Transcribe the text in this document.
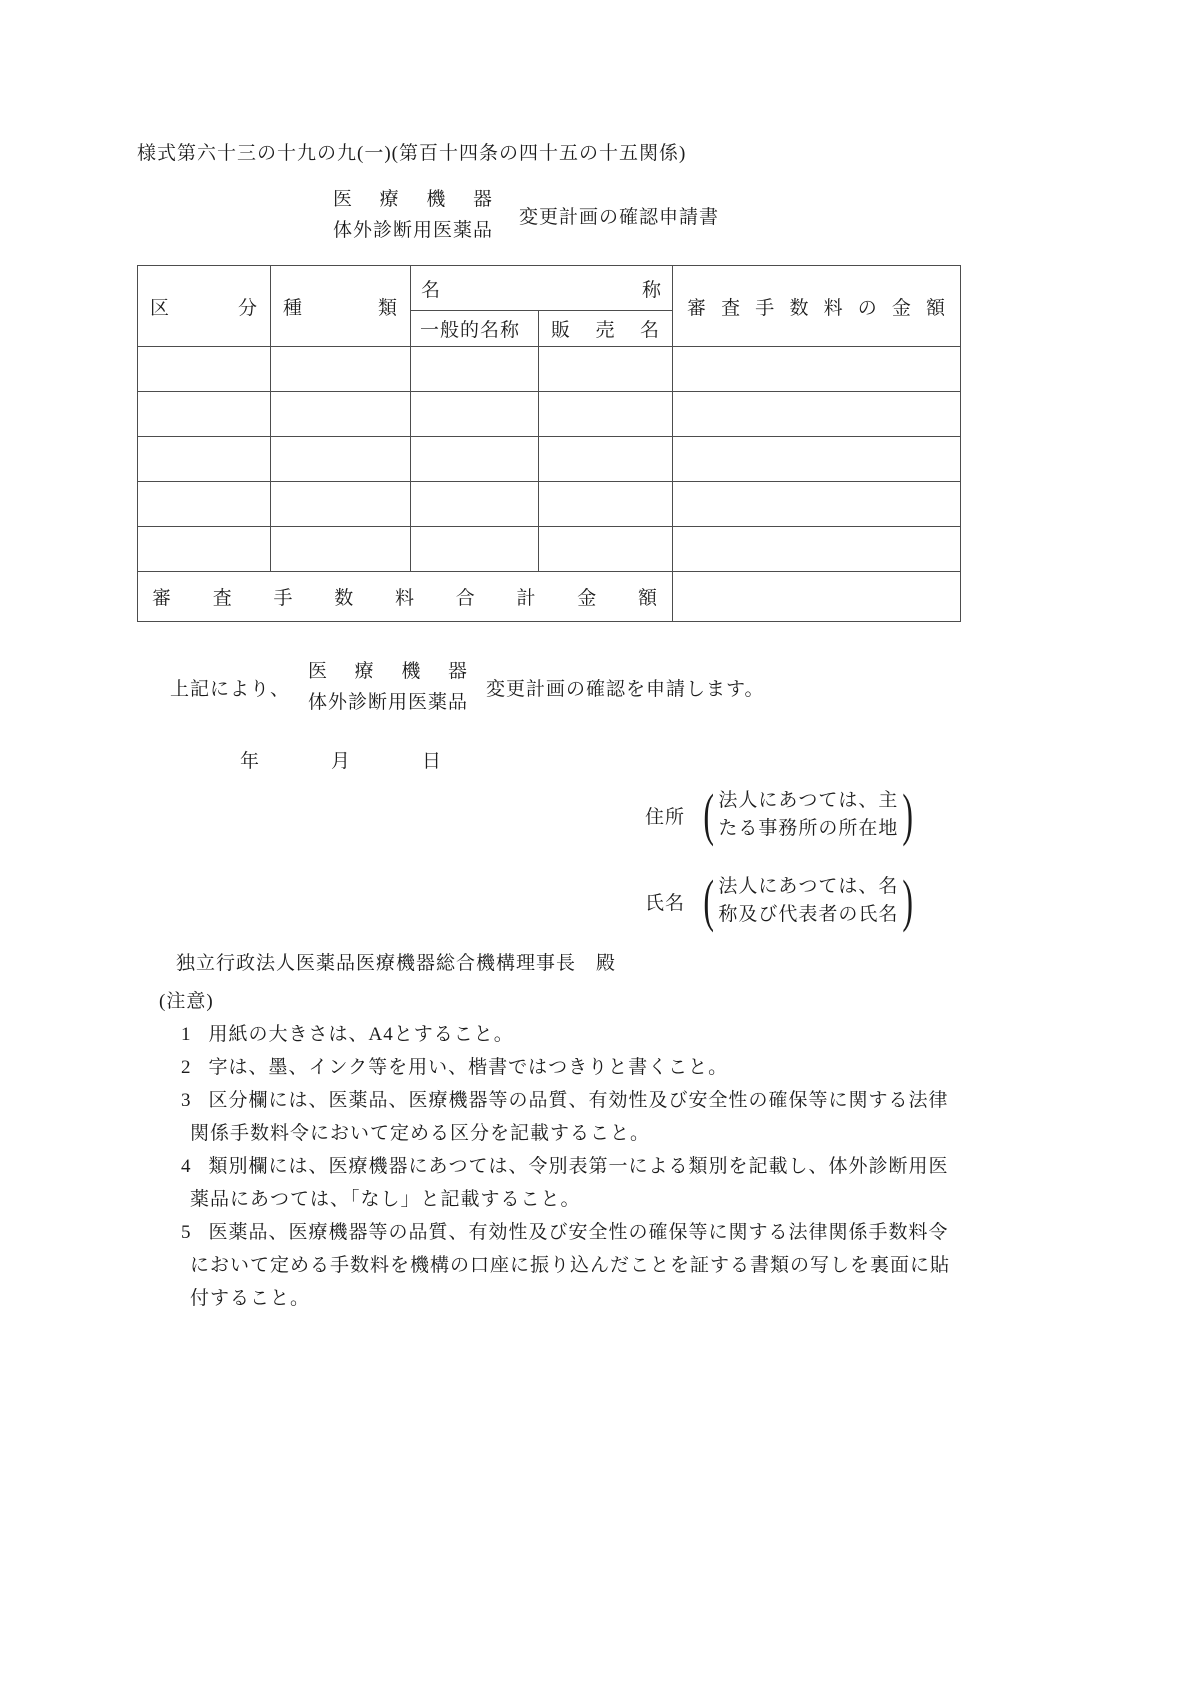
様式第六十三の十九の九(一)(第百十四条の四十五の十五関係)
医療機器
体外診断用医薬品
変更計画の確認申請書
区分	種類	名称		審査手数料の金額
		一般的名称	販売名	

審査手数料合計金額				
上記により、
医療機器
体外診断用医薬品
変更計画の確認を申請します。
年	月	日
住所 ( 法人にあつては、主
たる事務所の所在地 )
氏名 ( 法人にあつては、名
称及び代表者の氏名 )
独立行政法人医薬品医療機器総合機構理事長　殿
(注意)
1 用紙の大きさは、A4とすること。
2 字は、墨、インク等を用い、楷書ではつきりと書くこと。
3 区分欄には、医薬品、医療機器等の品質、有効性及び安全性の確保等に関する法律関係手数料令において定める区分を記載すること。
4 類別欄には、医療機器にあつては、令別表第一による類別を記載し、体外診断用医薬品にあつては、「なし」と記載すること。
5 医薬品、医療機器等の品質、有効性及び安全性の確保等に関する法律関係手数料令において定める手数料を機構の口座に振り込んだことを証する書類の写しを裏面に貼付すること。
